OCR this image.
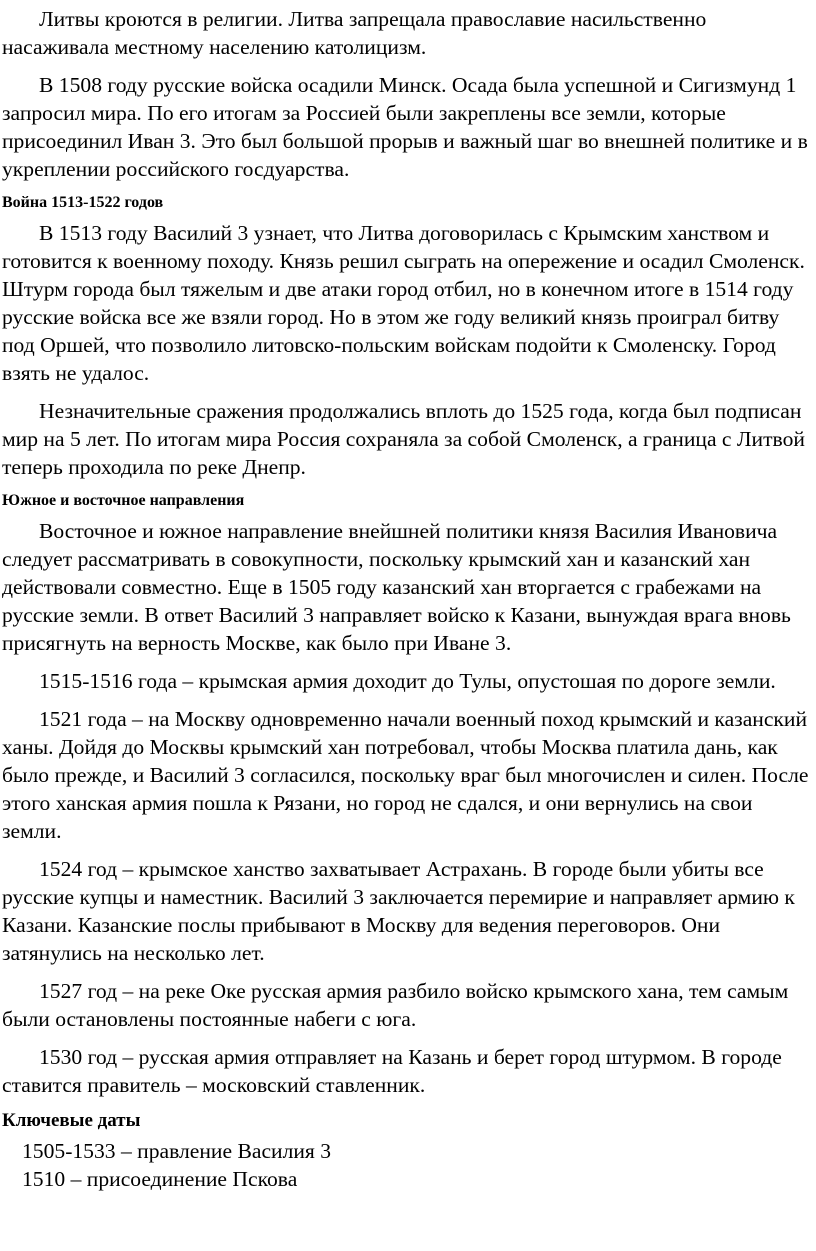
Литвы кроются в религии. Литва запрещала православие насильственно насаживала местному населению католицизм.

В 1508 году русские войска осадили Минск. Осада была успешной и Сигизмунд 1 запросил мира. По его итогам за Россией были закреплены все земли, которые присоединил Иван 3. Это был большой прорыв и важный шаг во внешней политике и в укреплении российского госдуарства.

Война 1513-1522 годов

В 1513 году Василий 3 узнает, что Литва договорилась с Крымским ханством и готовится к военному походу. Князь решил сыграть на опережение и осадил Смоленск. Штурм города был тяжелым и две атаки город отбил, но в конечном итоге в 1514 году русские войска все же взяли город. Но в этом же году великий князь проиграл битву под Оршей, что позволило литовско-польским войскам подойти к Смоленску. Город взять не удалос.

Незначительные сражения продолжались вплоть до 1525 года, когда был подписан мир на 5 лет. По итогам мира Россия сохраняла за собой Смоленск, а граница с Литвой теперь проходила по реке Днепр.

Южное и восточное направления

Восточное и южное направление внейшней политики князя Василия Ивановича следует рассматривать в совокупности, поскольку крымский хан и казанский хан действовали совместно. Еще в 1505 году казанский хан вторгается с грабежами на русские земли. В ответ Василий 3 направляет войско к Казани, вынуждая врага вновь присягнуть на верность Москве, как было при Иване 3.

1515-1516 года – крымская армия доходит до Тулы, опустошая по дороге земли.

1521 года – на Москву одновременно начали военный поход крымский и казанский ханы. Дойдя до Москвы крымский хан потребовал, чтобы Москва платила дань, как было прежде, и Василий 3 согласился, поскольку враг был многочислен и силен. После этого ханская армия пошла к Рязани, но город не сдался, и они вернулись на свои земли.

1524 год – крымское ханство захватывает Астрахань. В городе были убиты все русские купцы и наместник. Василий 3 заключается перемирие и направляет армию к Казани. Казанские послы прибывают в Москву для ведения переговоров. Они затянулись на несколько лет.

1527 год – на реке Оке русская армия разбило войско крымского хана, тем самым были остановлены постоянные набеги с юга.

1530 год – русская армия отправляет на Казань и берет город штурмом. В городе ставится правитель – московский ставленник.

Ключевые даты
1505-1533 – правление Василия 3
1510 – присоединение Пскова
